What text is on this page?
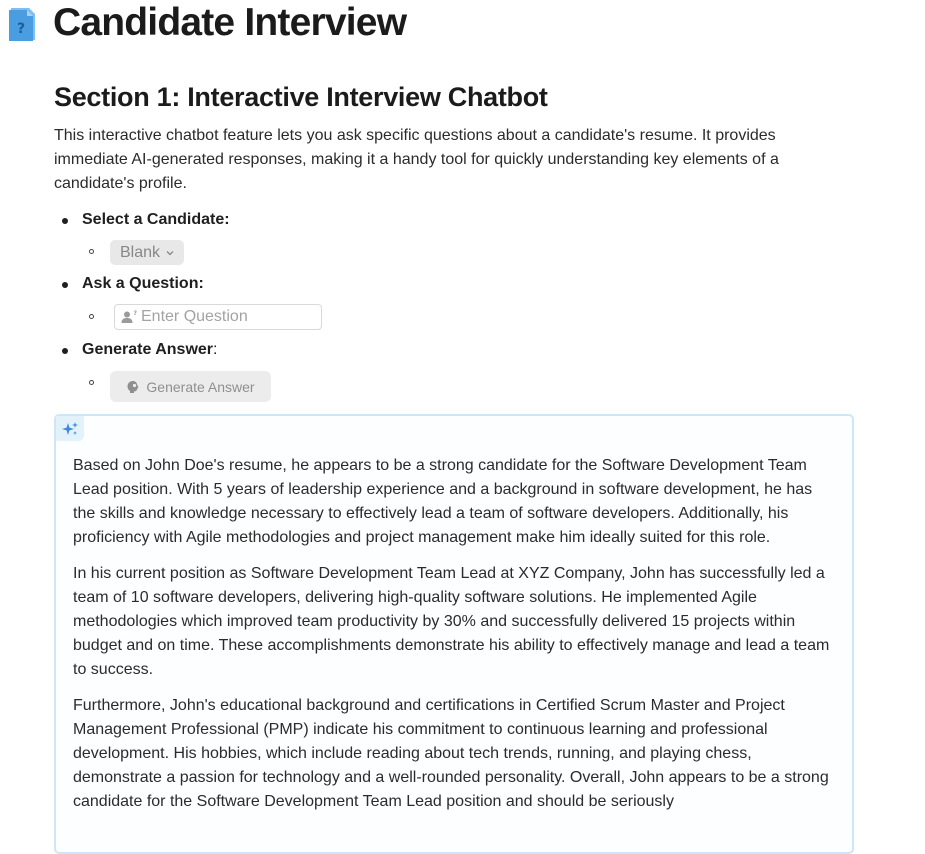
? Candidate Interview
Section 1: Interactive Interview Chatbot

This interactive chatbot feature lets you ask specific questions about a candidate's resume. It provides immediate AI-generated responses, making it a handy tool for quickly understanding key elements of a candidate's profile.

Select a Candidate:
Blank
Ask a Question:
? Enter Question
Generate Answer:
Generate Answer

Based on John Doe's resume, he appears to be a strong candidate for the Software Development Team Lead position. With 5 years of leadership experience and a background in software development, he has the skills and knowledge necessary to effectively lead a team of software developers. Additionally, his proficiency with Agile methodologies and project management make him ideally suited for this role.

In his current position as Software Development Team Lead at XYZ Company, John has successfully led a team of 10 software developers, delivering high-quality software solutions. He implemented Agile methodologies which improved team productivity by 30% and successfully delivered 15 projects within budget and on time. These accomplishments demonstrate his ability to effectively manage and lead a team to success.

Furthermore, John's educational background and certifications in Certified Scrum Master and Project Management Professional (PMP) indicate his commitment to continuous learning and professional development. His hobbies, which include reading about tech trends, running, and playing chess, demonstrate a passion for technology and a well-rounded personality. Overall, John appears to be a strong candidate for the Software Development Team Lead position and should be seriously
